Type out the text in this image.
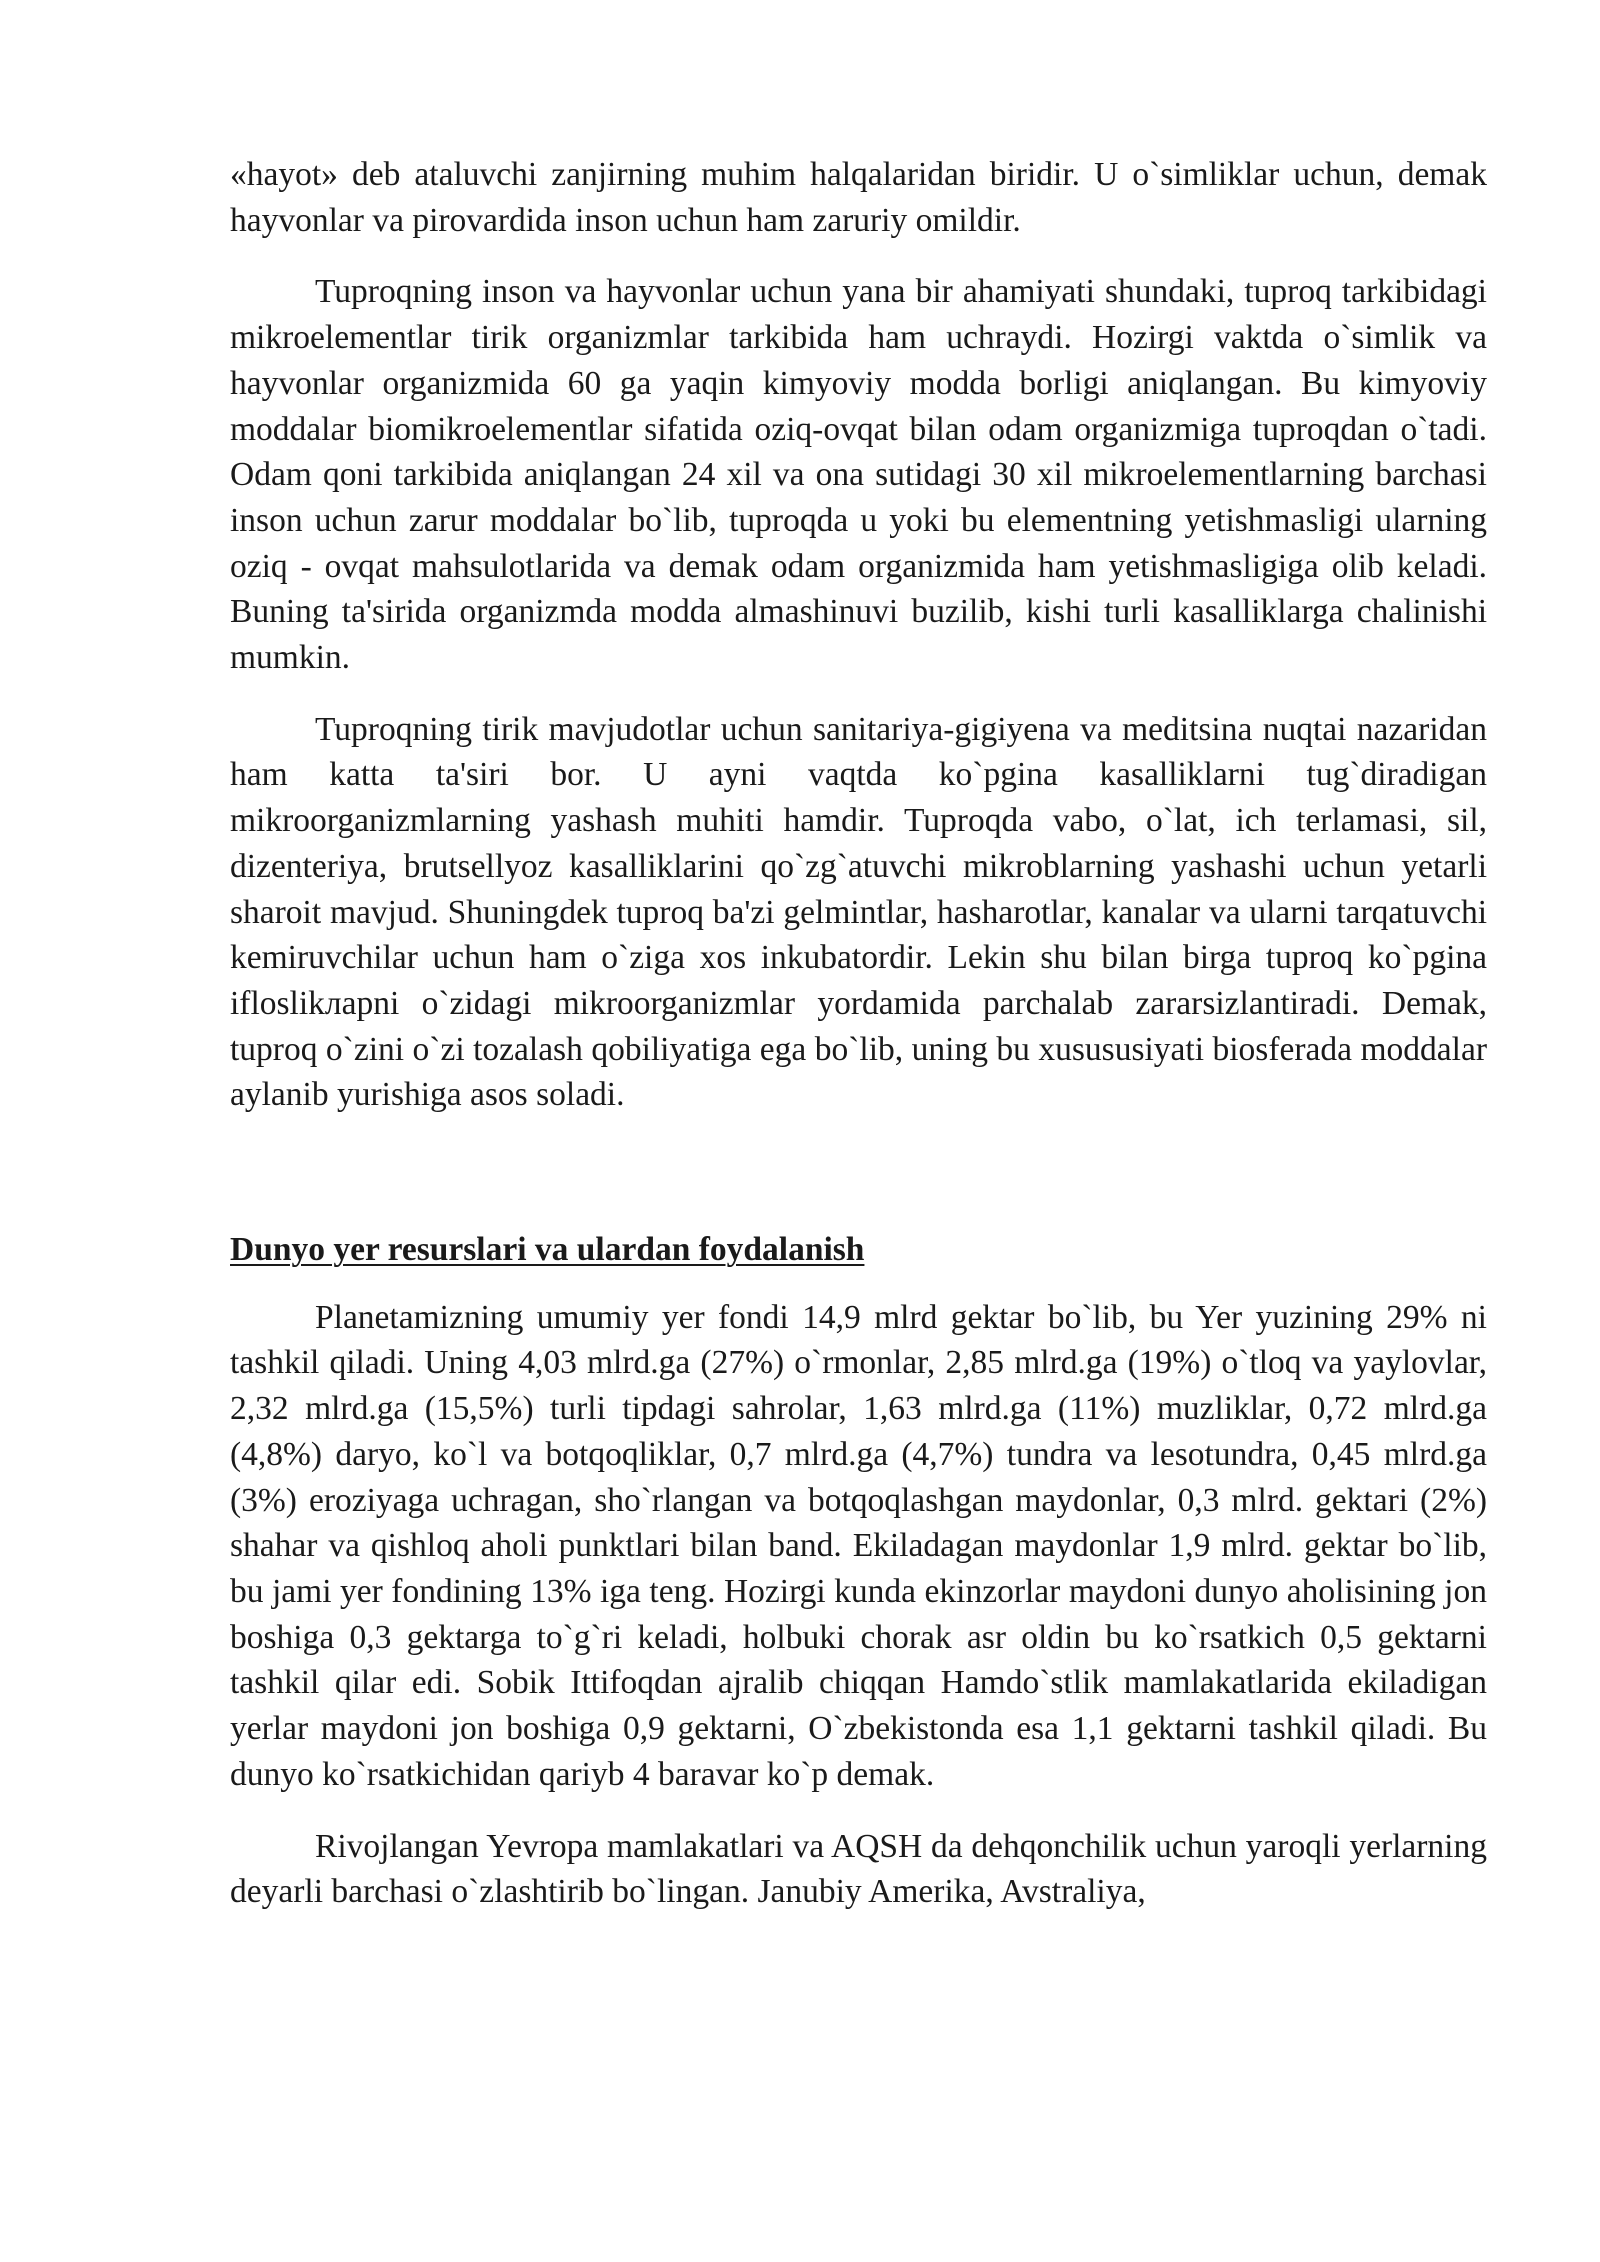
«hayot» deb ataluvchi zanjirning muhim halqalaridan biridir. U o`simliklar uchun, demak hayvonlar va pirovardida inson uchun ham zaruriy omildir.

Tuproqning inson va hayvonlar uchun yana bir ahamiyati shundaki, tuproq tarkibidagi mikroelementlar tirik organizmlar tarkibida ham uchraydi. Hozirgi vaktda o`simlik va hayvonlar organizmida 60 ga yaqin kimyoviy modda borligi aniqlangan. Bu kimyoviy moddalar biomikroelementlar sifatida oziq-ovqat bilan odam organizmiga tuproqdan o`tadi. Odam qoni tarkibida aniqlangan 24 xil va ona sutidagi 30 xil mikroelementlarning barchasi inson uchun zarur moddalar bo`lib, tuproqda u yoki bu elementning yetishmasligi ularning oziq - ovqat mahsulotlarida va demak odam organizmida ham yetishmasligiga olib keladi. Buning ta'sirida organizmda modda almashinuvi buzilib, kishi turli kasalliklarga chalinishi mumkin.

Tuproqning tirik mavjudotlar uchun sanitariya-gigiyena va meditsina nuqtai nazaridan ham katta ta'siri bor. U ayni vaqtda ko`pgina kasalliklarni tug`diradigan mikroorganizmlarning yashash muhiti hamdir. Tuproqda vabo, o`lat, ich terlamasi, sil, dizenteriya, brutsellyoz kasalliklarini qo`zg`atuvchi mikroblarning yashashi uchun yetarli sharoit mavjud. Shuningdek tuproq ba'zi gelmintlar, hasharotlar, kanalar va ularni tarqatuvchi kemiruvchilar uchun ham o`ziga xos inkubatordir. Lekin shu bilan birga tuproq ko`pgina ifloslikларni o`zidagi mikroorganizmlar yordamida parchalab zararsizlantiradi. Demak, tuproq o`zini o`zi tozalash qobiliyatiga ega bo`lib, uning bu xusususiyati biosferada moddalar aylanib yurishiga asos soladi.

Dunyo yer resurslari va ulardan foydalanish

Planetamizning umumiy yer fondi 14,9 mlrd gektar bo`lib, bu Yer yuzining 29% ni tashkil qiladi. Uning 4,03 mlrd.ga (27%) o`rmonlar, 2,85 mlrd.ga (19%) o`tloq va yaylovlar, 2,32 mlrd.ga (15,5%) turli tipdagi sahrolar, 1,63 mlrd.ga (11%) muzliklar, 0,72 mlrd.ga (4,8%) daryo, ko`l va botqoqliklar, 0,7 mlrd.ga (4,7%) tundra va lesotundra, 0,45 mlrd.ga (3%) eroziyaga uchragan, sho`rlangan va botqoqlashgan maydonlar, 0,3 mlrd. gektari (2%) shahar va qishloq aholi punktlari bilan band. Ekiladagan maydonlar 1,9 mlrd. gektar bo`lib, bu jami yer fondining 13% iga teng. Hozirgi kunda ekinzorlar maydoni dunyo aholisining jon boshiga 0,3 gektarga to`g`ri keladi, holbuki chorak asr oldin bu ko`rsatkich 0,5 gektarni tashkil qilar edi. Sobik Ittifoqdan ajralib chiqqan Hamdo`stlik mamlakatlarida ekiladigan yerlar maydoni jon boshiga 0,9 gektarni, O`zbekistonda esa 1,1 gektarni tashkil qiladi. Bu dunyo ko`rsatkichidan qariyb 4 baravar ko`p demak.

Rivojlangan Yevropa mamlakatlari va AQSH da dehqonchilik uchun yaroqli yerlarning deyarli barchasi o`zlashtirib bo`lingan. Janubiy Amerika, Avstraliya,
